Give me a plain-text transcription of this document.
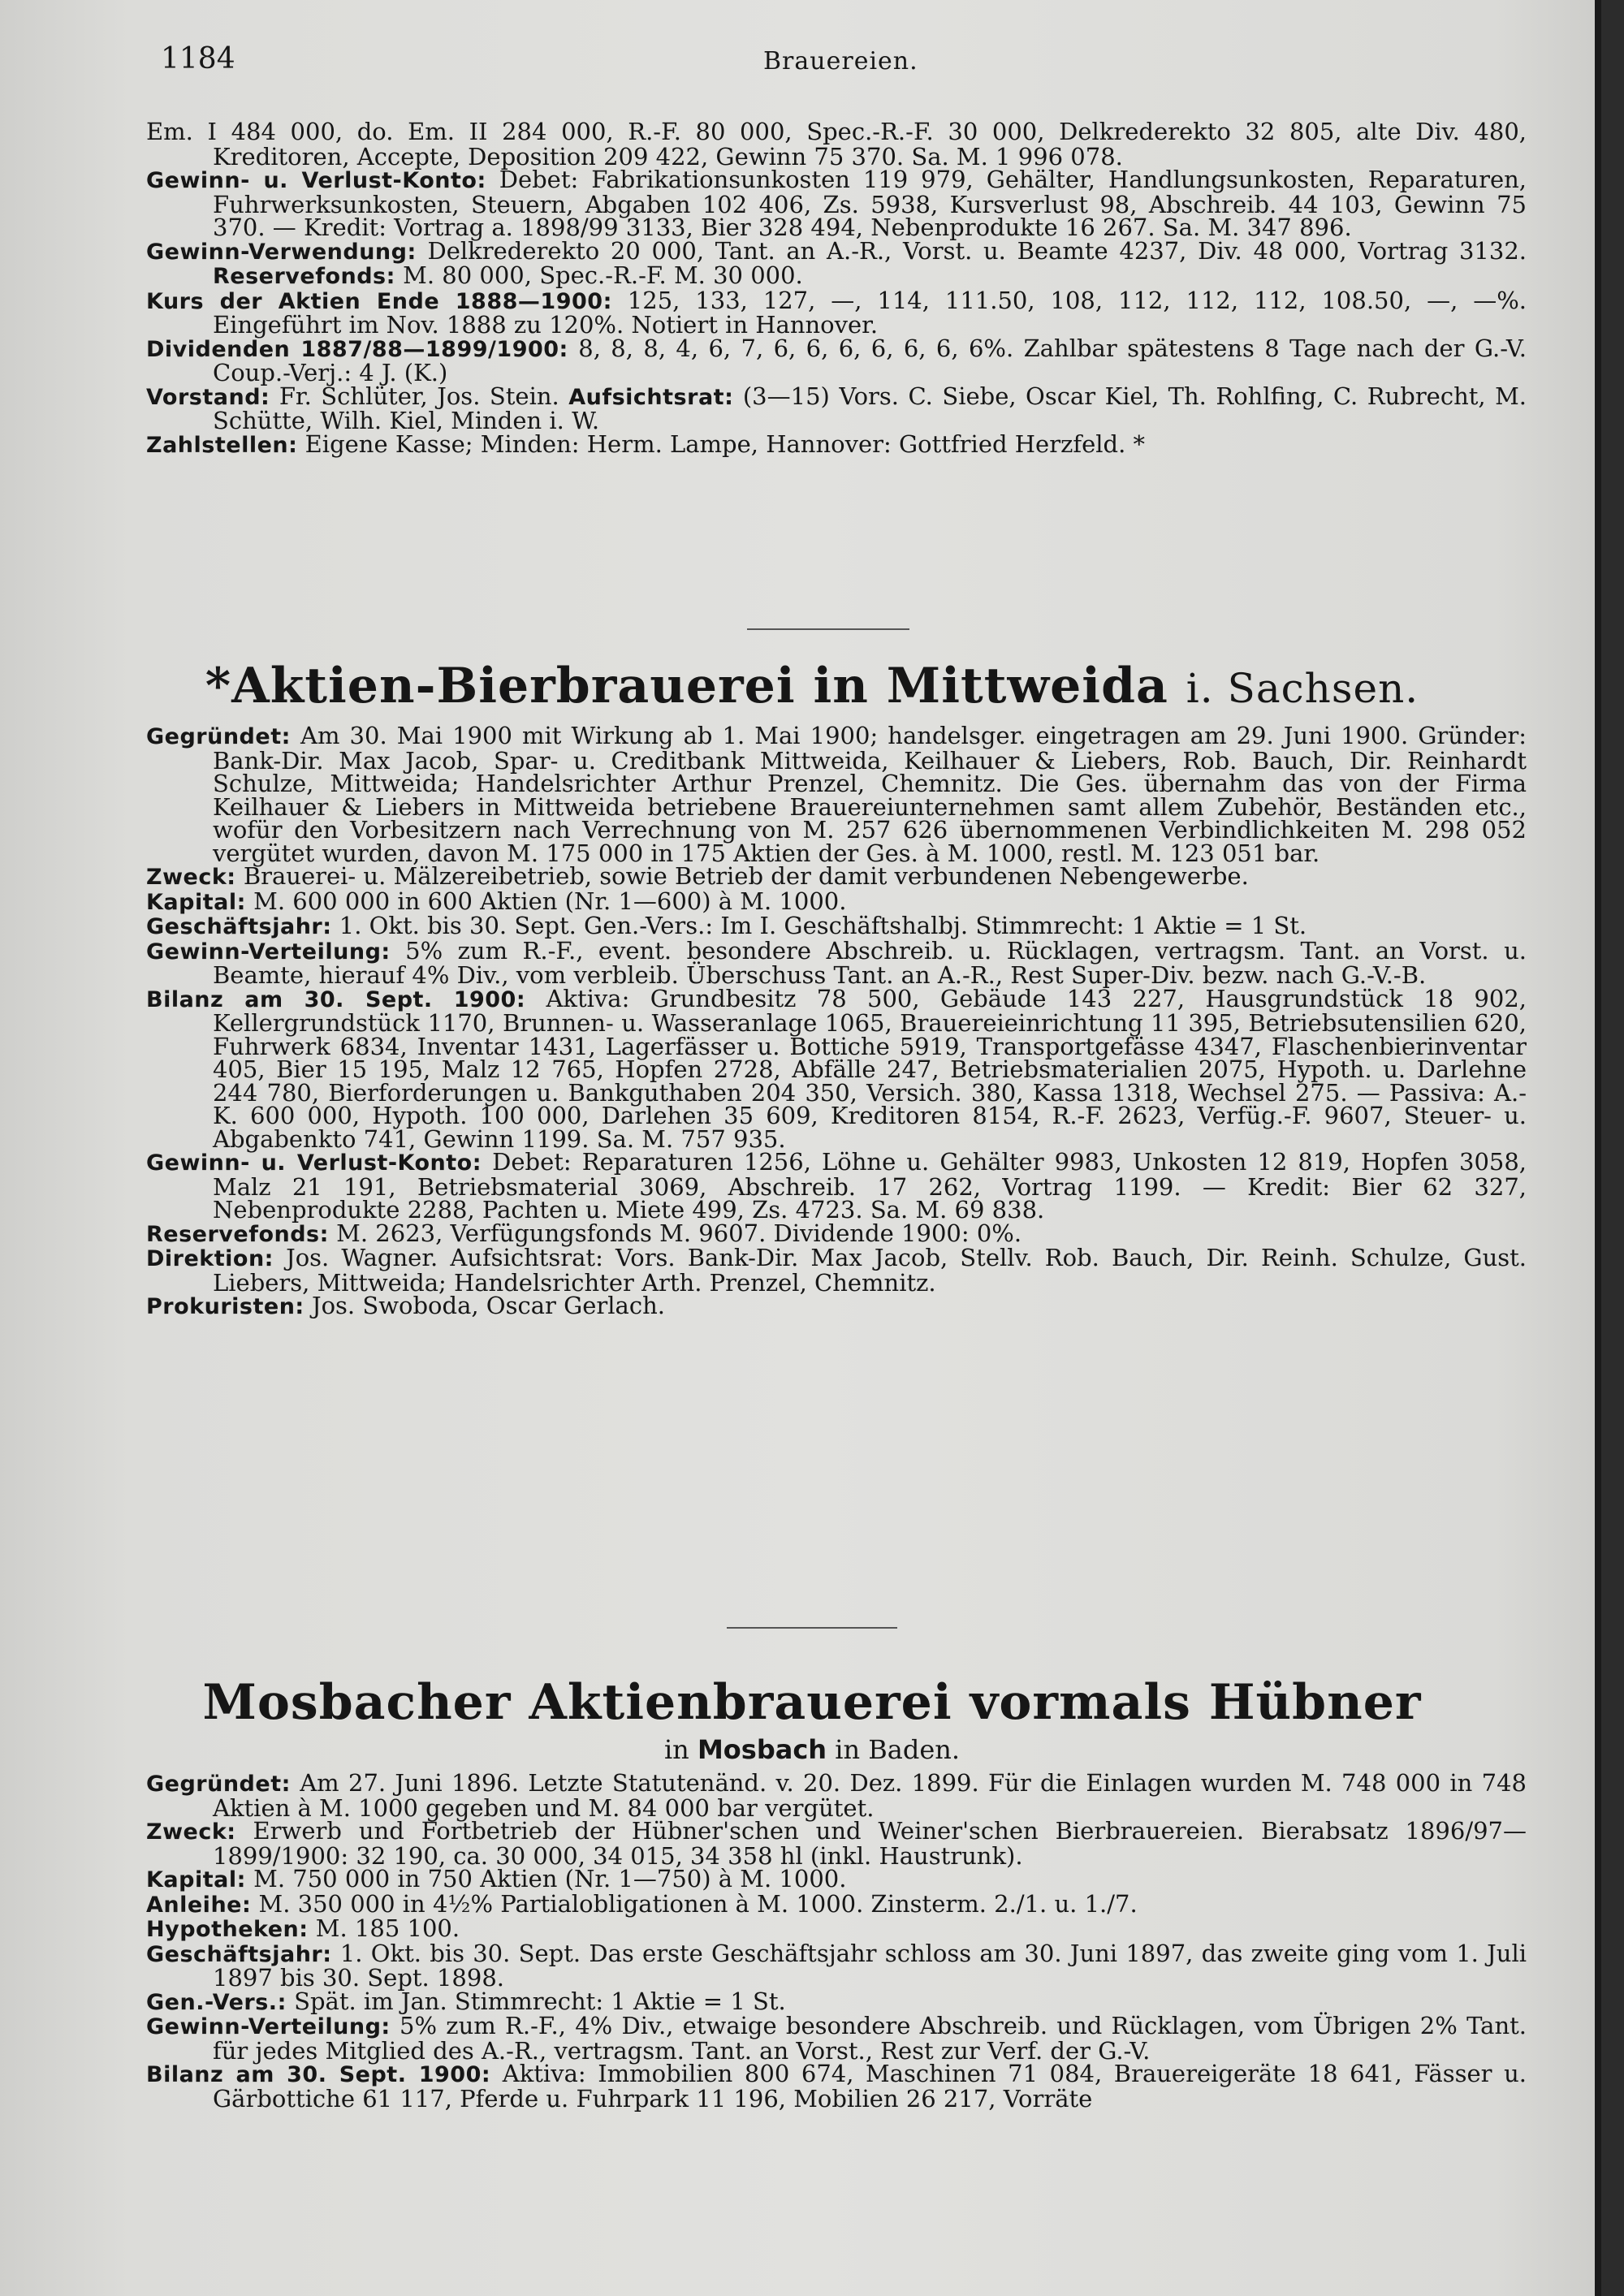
1184	Brauereien.

Em. I 484 000, do. Em. II 284 000, R.-F. 80 000, Spec.-R.-F. 30 000, Delkrederekto 32 805, alte Div. 480, Kreditoren, Accepte, Deposition 209 422, Gewinn 75 370. Sa. M. 1 996 078.

Gewinn- u. Verlust-Konto: Debet: Fabrikationsunkosten 119 979, Gehälter, Handlungsunkosten, Reparaturen, Fuhrwerksunkosten, Steuern, Abgaben 102 406, Zs. 5938, Kursverlust 98, Abschreib. 44 103, Gewinn 75 370. — Kredit: Vortrag a. 1898/99 3133, Bier 328 494, Nebenprodukte 16 267. Sa. M. 347 896.

Gewinn-Verwendung: Delkrederekto 20 000, Tant. an A.-R., Vorst. u. Beamte 4237, Div. 48 000, Vortrag 3132. Reservefonds: M. 80 000, Spec.-R.-F. M. 30 000.

Kurs der Aktien Ende 1888—1900: 125, 133, 127, —, 114, 111.50, 108, 112, 112, 112, 108.50, —, —%. Eingeführt im Nov. 1888 zu 120%. Notiert in Hannover.

Dividenden 1887/88—1899/1900: 8, 8, 8, 4, 6, 7, 6, 6, 6, 6, 6, 6, 6%. Zahlbar spätestens 8 Tage nach der G.-V. Coup.-Verj.: 4 J. (K.)

Vorstand: Fr. Schlüter, Jos. Stein. Aufsichtsrat: (3—15) Vors. C. Siebe, Oscar Kiel, Th. Rohlfing, C. Rubrecht, M. Schütte, Wilh. Kiel, Minden i. W.

Zahlstellen: Eigene Kasse; Minden: Herm. Lampe, Hannover: Gottfried Herzfeld. *

*Aktien-Bierbrauerei in Mittweida i. Sachsen.

Gegründet: Am 30. Mai 1900 mit Wirkung ab 1. Mai 1900; handelsger. eingetragen am 29. Juni 1900. Gründer: Bank-Dir. Max Jacob, Spar- u. Creditbank Mittweida, Keilhauer & Liebers, Rob. Bauch, Dir. Reinhardt Schulze, Mittweida; Handelsrichter Arthur Prenzel, Chemnitz. Die Ges. übernahm das von der Firma Keilhauer & Liebers in Mittweida betriebene Brauereiunternehmen samt allem Zubehör, Beständen etc., wofür den Vorbesitzern nach Verrechnung von M. 257 626 übernommenen Verbindlichkeiten M. 298 052 vergütet wurden, davon M. 175 000 in 175 Aktien der Ges. à M. 1000, restl. M. 123 051 bar.

Zweck: Brauerei- u. Mälzereibetrieb, sowie Betrieb der damit verbundenen Nebengewerbe.

Kapital: M. 600 000 in 600 Aktien (Nr. 1—600) à M. 1000.

Geschäftsjahr: 1. Okt. bis 30. Sept. Gen.-Vers.: Im I. Geschäftshalbj. Stimmrecht: 1 Aktie = 1 St.

Gewinn-Verteilung: 5% zum R.-F., event. besondere Abschreib. u. Rücklagen, vertragsm. Tant. an Vorst. u. Beamte, hierauf 4% Div., vom verbleib. Überschuss Tant. an A.-R., Rest Super-Div. bezw. nach G.-V.-B.

Bilanz am 30. Sept. 1900: Aktiva: Grundbesitz 78 500, Gebäude 143 227, Hausgrundstück 18 902, Kellergrundstück 1170, Brunnen- u. Wasseranlage 1065, Brauereieinrichtung 11 395, Betriebsutensilien 620, Fuhrwerk 6834, Inventar 1431, Lagerfässer u. Bottiche 5919, Transportgefässe 4347, Flaschenbierinventar 405, Bier 15 195, Malz 12 765, Hopfen 2728, Abfälle 247, Betriebsmaterialien 2075, Hypoth. u. Darlehne 244 780, Bierforderungen u. Bankguthaben 204 350, Versich. 380, Kassa 1318, Wechsel 275. — Passiva: A.-K. 600 000, Hypoth. 100 000, Darlehen 35 609, Kreditoren 8154, R.-F. 2623, Verfüg.-F. 9607, Steuer- u. Abgabenkto 741, Gewinn 1199. Sa. M. 757 935.

Gewinn- u. Verlust-Konto: Debet: Reparaturen 1256, Löhne u. Gehälter 9983, Unkosten 12 819, Hopfen 3058, Malz 21 191, Betriebsmaterial 3069, Abschreib. 17 262, Vortrag 1199. — Kredit: Bier 62 327, Nebenprodukte 2288, Pachten u. Miete 499, Zs. 4723. Sa. M. 69 838.

Reservefonds: M. 2623, Verfügungsfonds M. 9607. Dividende 1900: 0%.

Direktion: Jos. Wagner. Aufsichtsrat: Vors. Bank-Dir. Max Jacob, Stellv. Rob. Bauch, Dir. Reinh. Schulze, Gust. Liebers, Mittweida; Handelsrichter Arth. Prenzel, Chemnitz.

Prokuristen: Jos. Swoboda, Oscar Gerlach.

Mosbacher Aktienbrauerei vormals Hübner
in Mosbach in Baden.

Gegründet: Am 27. Juni 1896. Letzte Statutenänd. v. 20. Dez. 1899. Für die Einlagen wurden M. 748 000 in 748 Aktien à M. 1000 gegeben und M. 84 000 bar vergütet.

Zweck: Erwerb und Fortbetrieb der Hübner'schen und Weiner'schen Bierbrauereien. Bierabsatz 1896/97—1899/1900: 32 190, ca. 30 000, 34 015, 34 358 hl (inkl. Haustrunk).

Kapital: M. 750 000 in 750 Aktien (Nr. 1—750) à M. 1000.

Anleihe: M. 350 000 in 4½% Partialobligationen à M. 1000. Zinsterm. 2./1. u. 1./7.

Hypotheken: M. 185 100.

Geschäftsjahr: 1. Okt. bis 30. Sept. Das erste Geschäftsjahr schloss am 30. Juni 1897, das zweite ging vom 1. Juli 1897 bis 30. Sept. 1898.

Gen.-Vers.: Spät. im Jan. Stimmrecht: 1 Aktie = 1 St.

Gewinn-Verteilung: 5% zum R.-F., 4% Div., etwaige besondere Abschreib. und Rücklagen, vom Übrigen 2% Tant. für jedes Mitglied des A.-R., vertragsm. Tant. an Vorst., Rest zur Verf. der G.-V.

Bilanz am 30. Sept. 1900: Aktiva: Immobilien 800 674, Maschinen 71 084, Brauereigeräte 18 641, Fässer u. Gärbottiche 61 117, Pferde u. Fuhrpark 11 196, Mobilien 26 217, Vorräte
